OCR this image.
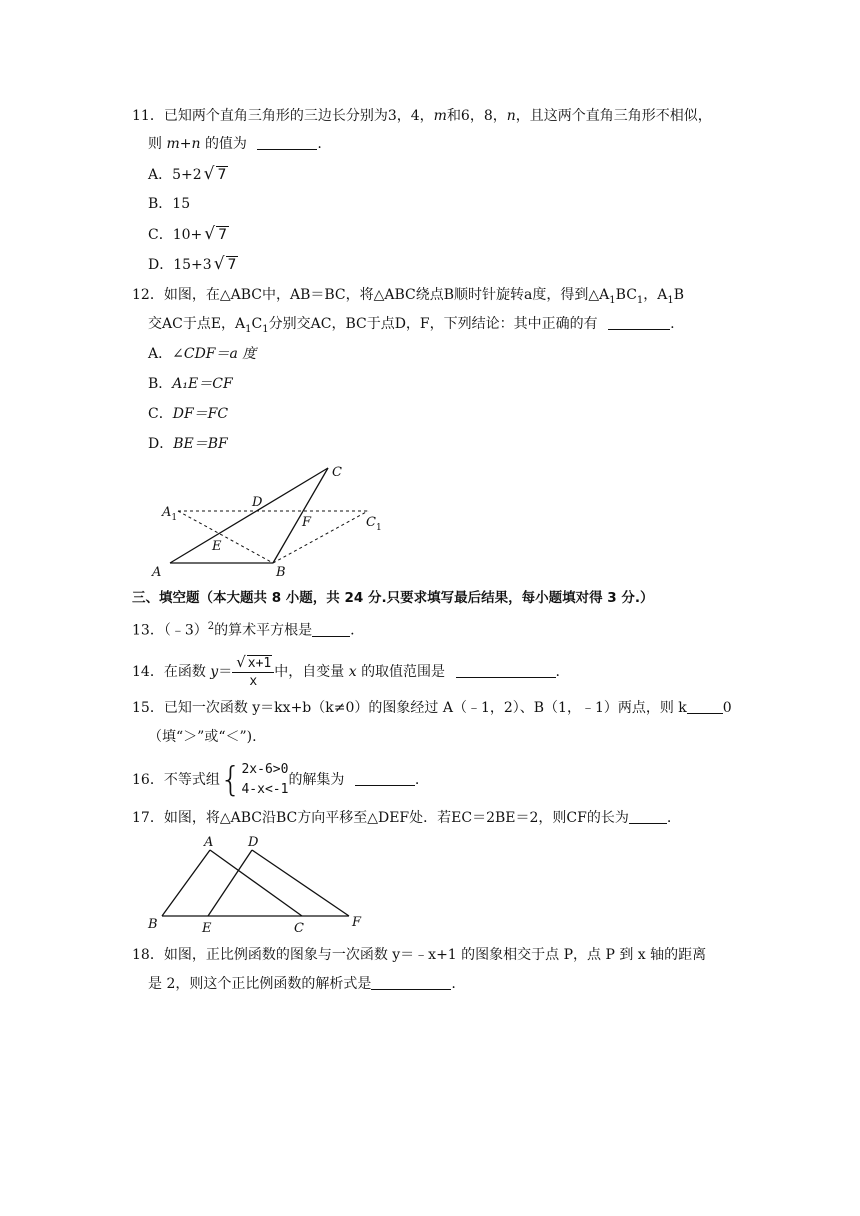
11．已知两个直角三角形的三边长分别为3，4，m和6，8，n，且这两个直角三角形不相似，
则 m+n 的值为	.
A．5+2 √ 7
B．15
C．10+ √ 7
D．15+3 √ 7
12．如图，在△ABC中，AB＝BC，将△ABC绕点B顺时针旋转a度，得到$\triangle A_1BC_1$，$A_1B$
交AC于点E，$A_1C_1$分别交AC，BC于点D，F，下列结论：其中正确的有	.
A．∠CDF＝a 度
B．A₁E＝CF
C．DF＝FC
D．BE＝BF
A
$A_1$
B
C
$C_1$
D
E
F
三、填空题（本大题共 8 小题，共 24 分.只要求填写最后结果，每小题填对得 3 分.）
13．（﹣3）$^2$的算术平方根是	.
14．在函数 $y= \frac{√ x+1}{x}$ 中，自变量 x 的取值范围是	.
15．已知一次函数 y＝kx+b（k≠0）的图象经过 A（﹣1，2）、B（1，﹣1）两点，则 k	0
（填“＞”或“＜”).
16．不等式组{ 2x-6>0
4-x<-1
的解集为	.
17．如图，将△ABC沿BC方向平移至△DEF处．若EC＝2BE＝2，则CF的长为	.
A	D
B	E	C	F
18．如图，正比例函数的图象与一次函数 y＝﹣x+1 的图象相交于点 P，点 P 到 x 轴的距离
是 2，则这个正比例函数的解析式是	.
